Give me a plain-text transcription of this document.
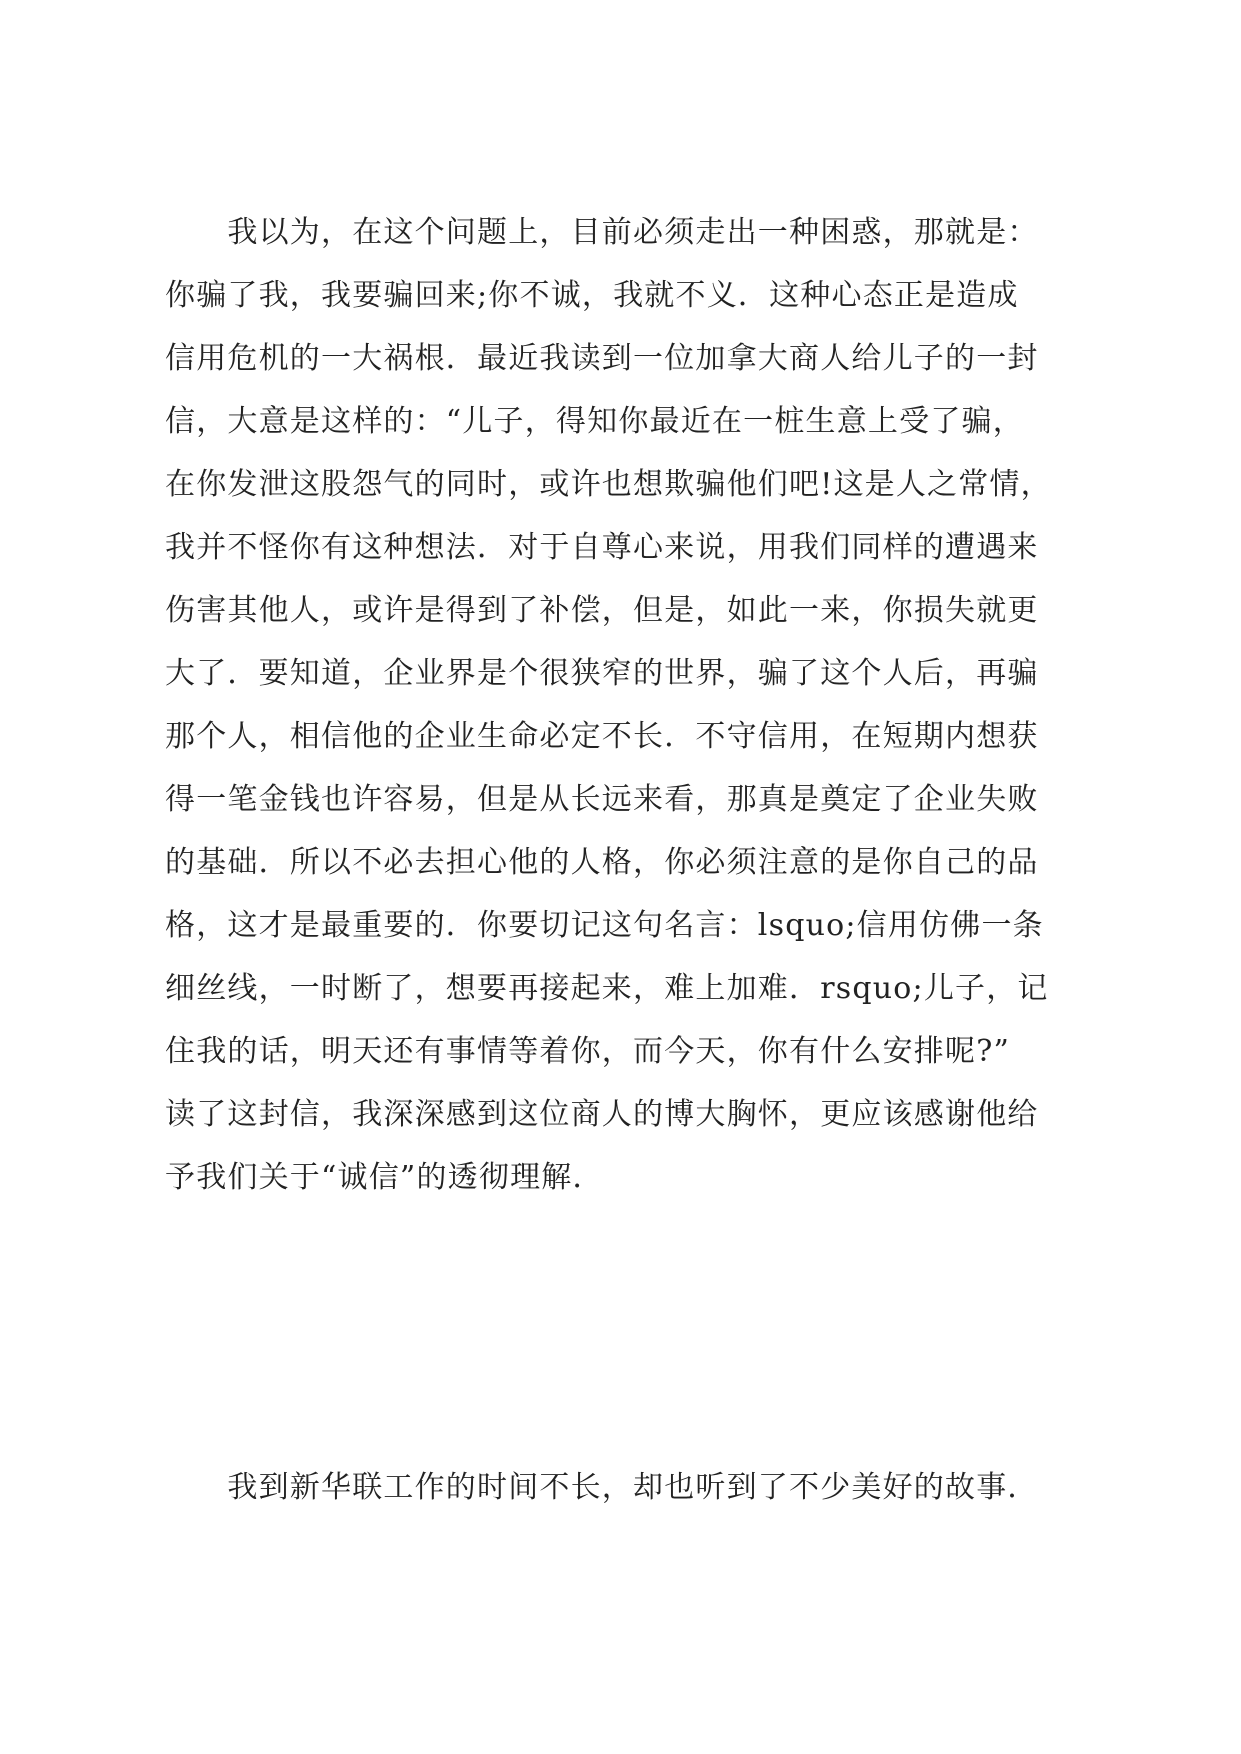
　　我以为，在这个问题上，目前必须走出一种困惑，那就是：
你骗了我，我要骗回来;你不诚，我就不义．这种心态正是造成
信用危机的一大祸根．最近我读到一位加拿大商人给儿子的一封
信，大意是这样的：“儿子，得知你最近在一桩生意上受了骗，
在你发泄这股怨气的同时，或许也想欺骗他们吧!这是人之常情，
我并不怪你有这种想法．对于自尊心来说，用我们同样的遭遇来
伤害其他人，或许是得到了补偿，但是，如此一来，你损失就更
大了．要知道，企业界是个很狭窄的世界，骗了这个人后，再骗
那个人，相信他的企业生命必定不长．不守信用，在短期内想获
得一笔金钱也许容易，但是从长远来看，那真是奠定了企业失败
的基础．所以不必去担心他的人格，你必须注意的是你自己的品
格，这才是最重要的．你要切记这句名言：lsquo;信用仿佛一条
细丝线，一时断了，想要再接起来，难上加难．rsquo;儿子，记
住我的话，明天还有事情等着你，而今天，你有什么安排呢?”
读了这封信，我深深感到这位商人的博大胸怀，更应该感谢他给
予我们关于“诚信”的透彻理解．
　　我到新华联工作的时间不长，却也听到了不少美好的故事．
